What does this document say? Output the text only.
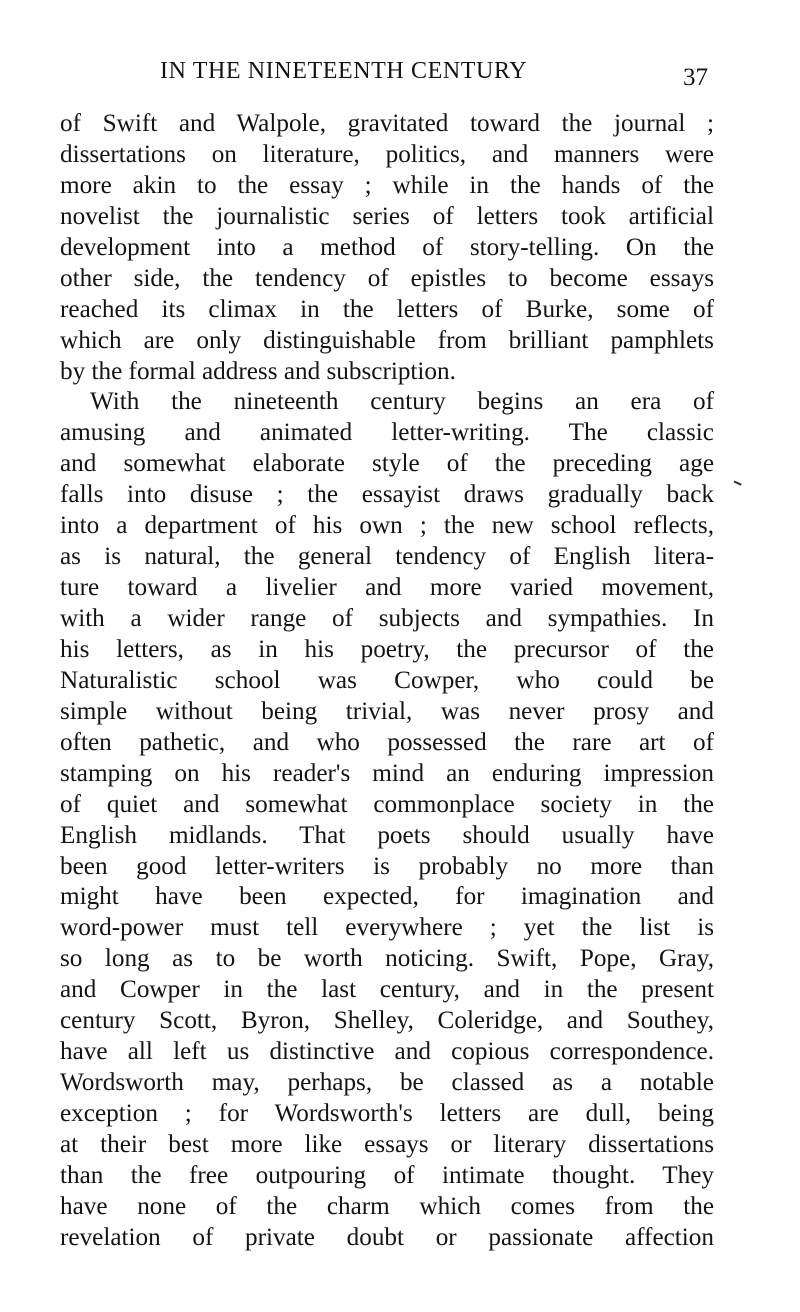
IN THE NINETEENTH CENTURY	37
of Swift and Walpole, gravitated toward the journal ;
dissertations on literature, politics, and manners were
more akin to the essay ; while in the hands of the
novelist the journalistic series of letters took artificial
development into a method of story-telling. On the
other side, the tendency of epistles to become essays
reached its climax in the letters of Burke, some of
which are only distinguishable from brilliant pamphlets
by the formal address and subscription.
With the nineteenth century begins an era of
amusing and animated letter-writing. The classic
and somewhat elaborate style of the preceding age
falls into disuse ; the essayist draws gradually back
into a department of his own ; the new school reflects,
as is natural, the general tendency of English litera-
ture toward a livelier and more varied movement,
with a wider range of subjects and sympathies. In
his letters, as in his poetry, the precursor of the
Naturalistic school was Cowper, who could be
simple without being trivial, was never prosy and
often pathetic, and who possessed the rare art of
stamping on his reader's mind an enduring impression
of quiet and somewhat commonplace society in the
English midlands. That poets should usually have
been good letter-writers is probably no more than
might have been expected, for imagination and
word-power must tell everywhere ; yet the list is
so long as to be worth noticing. Swift, Pope, Gray,
and Cowper in the last century, and in the present
century Scott, Byron, Shelley, Coleridge, and Southey,
have all left us distinctive and copious correspondence.
Wordsworth may, perhaps, be classed as a notable
exception ; for Wordsworth's letters are dull, being
at their best more like essays or literary dissertations
than the free outpouring of intimate thought. They
have none of the charm which comes from the
revelation of private doubt or passionate affection
